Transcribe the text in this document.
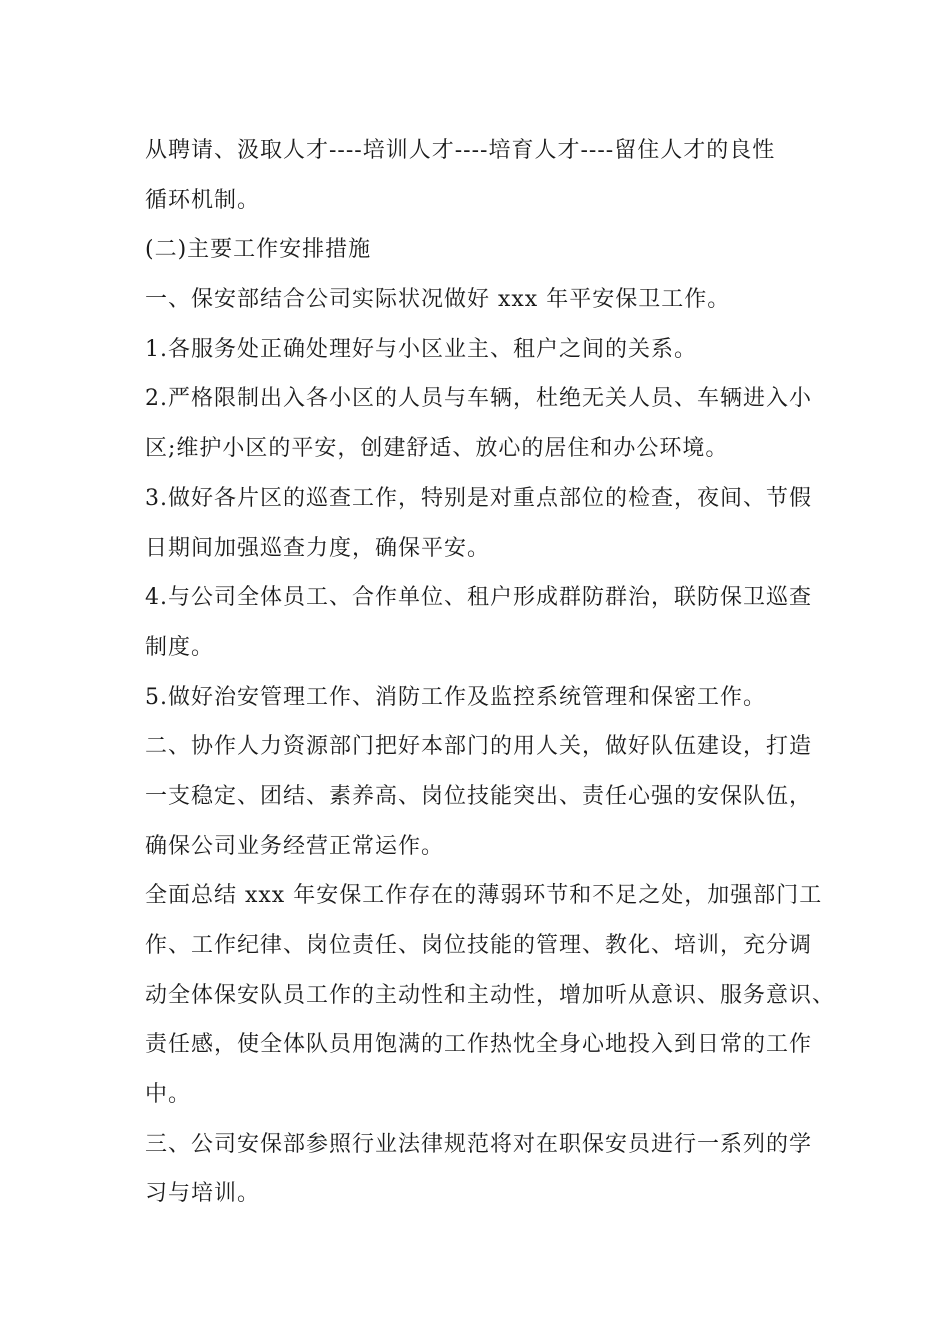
从聘请、汲取人才----培训人才----培育人才----留住人才的良性
循环机制。
(二)主要工作安排措施
一、保安部结合公司实际状况做好 xxx 年平安保卫工作。
1.各服务处正确处理好与小区业主、租户之间的关系。
2.严格限制出入各小区的人员与车辆，杜绝无关人员、车辆进入小
区;维护小区的平安，创建舒适、放心的居住和办公环境。
3.做好各片区的巡查工作，特别是对重点部位的检查，夜间、节假
日期间加强巡查力度，确保平安。
4.与公司全体员工、合作单位、租户形成群防群治，联防保卫巡查
制度。
5.做好治安管理工作、消防工作及监控系统管理和保密工作。
二、协作人力资源部门把好本部门的用人关，做好队伍建设，打造
一支稳定、团结、素养高、岗位技能突出、责任心强的安保队伍，
确保公司业务经营正常运作。
全面总结 xxx 年安保工作存在的薄弱环节和不足之处，加强部门工
作、工作纪律、岗位责任、岗位技能的管理、教化、培训，充分调
动全体保安队员工作的主动性和主动性，增加听从意识、服务意识、
责任感，使全体队员用饱满的工作热忱全身心地投入到日常的工作
中。
三、公司安保部参照行业法律规范将对在职保安员进行一系列的学
习与培训。
